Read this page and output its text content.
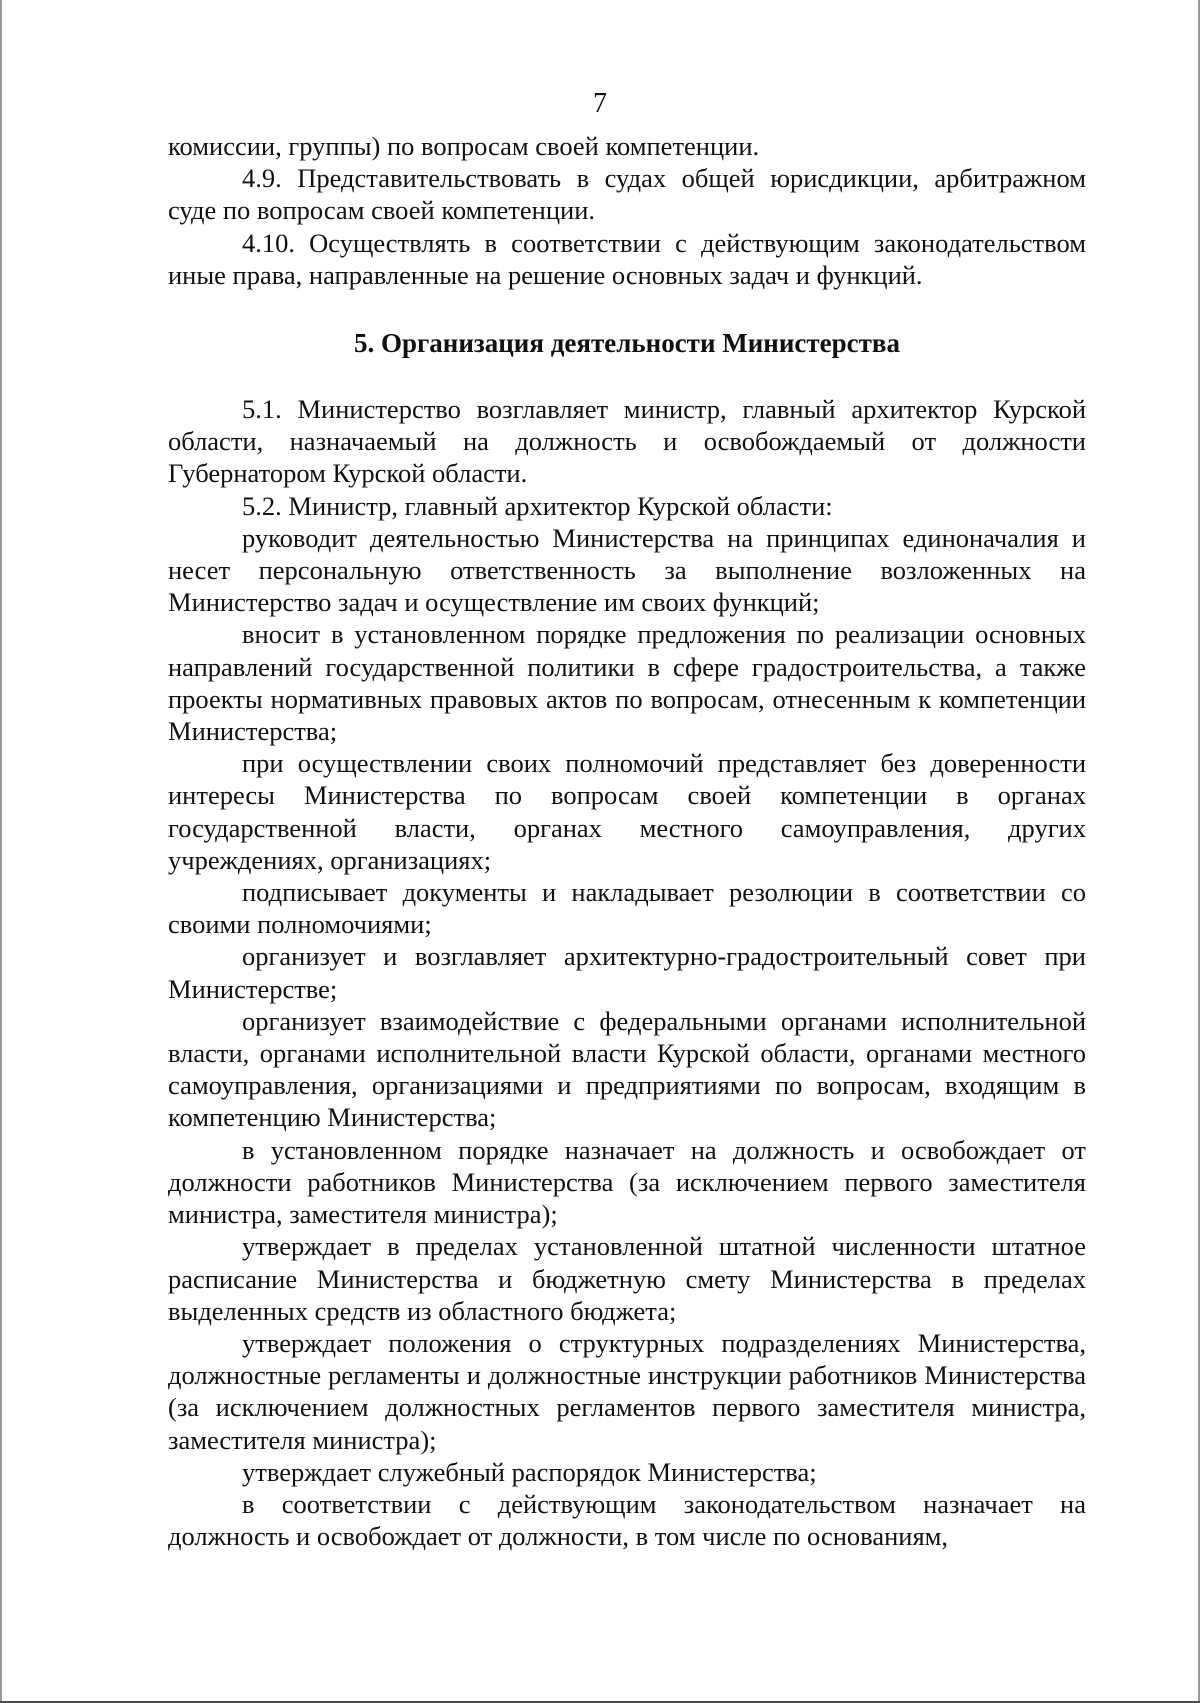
7

комиссии, группы) по вопросам своей компетенции.

4.9. Представительствовать в судах общей юрисдикции, арбитражном суде по вопросам своей компетенции.

4.10. Осуществлять в соответствии с действующим законодательством иные права, направленные на решение основных задач и функций.

5. Организация деятельности Министерства

5.1. Министерство возглавляет министр, главный архитектор Курской области, назначаемый на должность и освобождаемый от должности Губернатором Курской области.

5.2. Министр, главный архитектор Курской области:

руководит деятельностью Министерства на принципах единоначалия и несет персональную ответственность за выполнение возложенных на Министерство задач и осуществление им своих функций;

вносит в установленном порядке предложения по реализации основных направлений государственной политики в сфере градостроительства, а также проекты нормативных правовых актов по вопросам, отнесенным к компетенции Министерства;

при осуществлении своих полномочий представляет без доверенности интересы Министерства по вопросам своей компетенции в органах государственной власти, органах местного самоуправления, других учреждениях, организациях;

подписывает документы и накладывает резолюции в соответствии со своими полномочиями;

организует и возглавляет архитектурно-градостроительный совет при Министерстве;

организует взаимодействие с федеральными органами исполнительной власти, органами исполнительной власти Курской области, органами местного самоуправления, организациями и предприятиями по вопросам, входящим в компетенцию Министерства;

в установленном порядке назначает на должность и освобождает от должности работников Министерства (за исключением первого заместителя министра, заместителя министра);

утверждает в пределах установленной штатной численности штатное расписание Министерства и бюджетную смету Министерства в пределах выделенных средств из областного бюджета;

утверждает положения о структурных подразделениях Министерства, должностные регламенты и должностные инструкции работников Министерства (за исключением должностных регламентов первого заместителя министра, заместителя министра);

утверждает служебный распорядок Министерства;

в соответствии с действующим законодательством назначает на должность и освобождает от должности, в том числе по основаниям,
